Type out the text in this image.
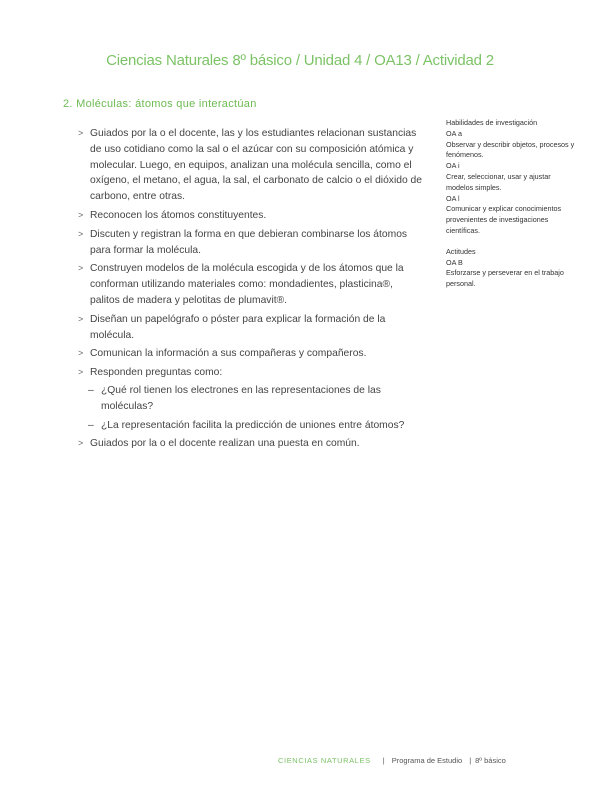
Ciencias Naturales 8º básico / Unidad 4 / OA13 / Actividad 2
2. Moléculas: átomos que interactúan
> Guiados por la o el docente, las y los estudiantes relacionan sustancias de uso cotidiano como la sal o el azúcar con su composición atómica y molecular. Luego, en equipos, analizan una molécula sencilla, como el oxígeno, el metano, el agua, la sal, el carbonato de calcio o el dióxido de carbono, entre otras.
> Reconocen los átomos constituyentes.
> Discuten y registran la forma en que debieran combinarse los átomos para formar la molécula.
> Construyen modelos de la molécula escogida y de los átomos que la conforman utilizando materiales como: mondadientes, plasticina®, palitos de madera y pelotitas de plumavit®.
> Diseñan un papelógrafo o póster para explicar la formación de la molécula.
> Comunican la información a sus compañeras y compañeros.
> Responden preguntas como:
– ¿Qué rol tienen los electrones en las representaciones de las moléculas?
– ¿La representación facilita la predicción de uniones entre átomos?
> Guiados por la o el docente realizan una puesta en común.
Habilidades de investigación
OA a
Observar y describir objetos, procesos y fenómenos.
OA i
Crear, seleccionar, usar y ajustar modelos simples.
OA l
Comunicar y explicar conocimientos provenientes de investigaciones científicas.
Actitudes
OA B
Esforzarse y perseverar en el trabajo personal.
CIENCIAS NATURALES | Programa de Estudio | 8º básico
